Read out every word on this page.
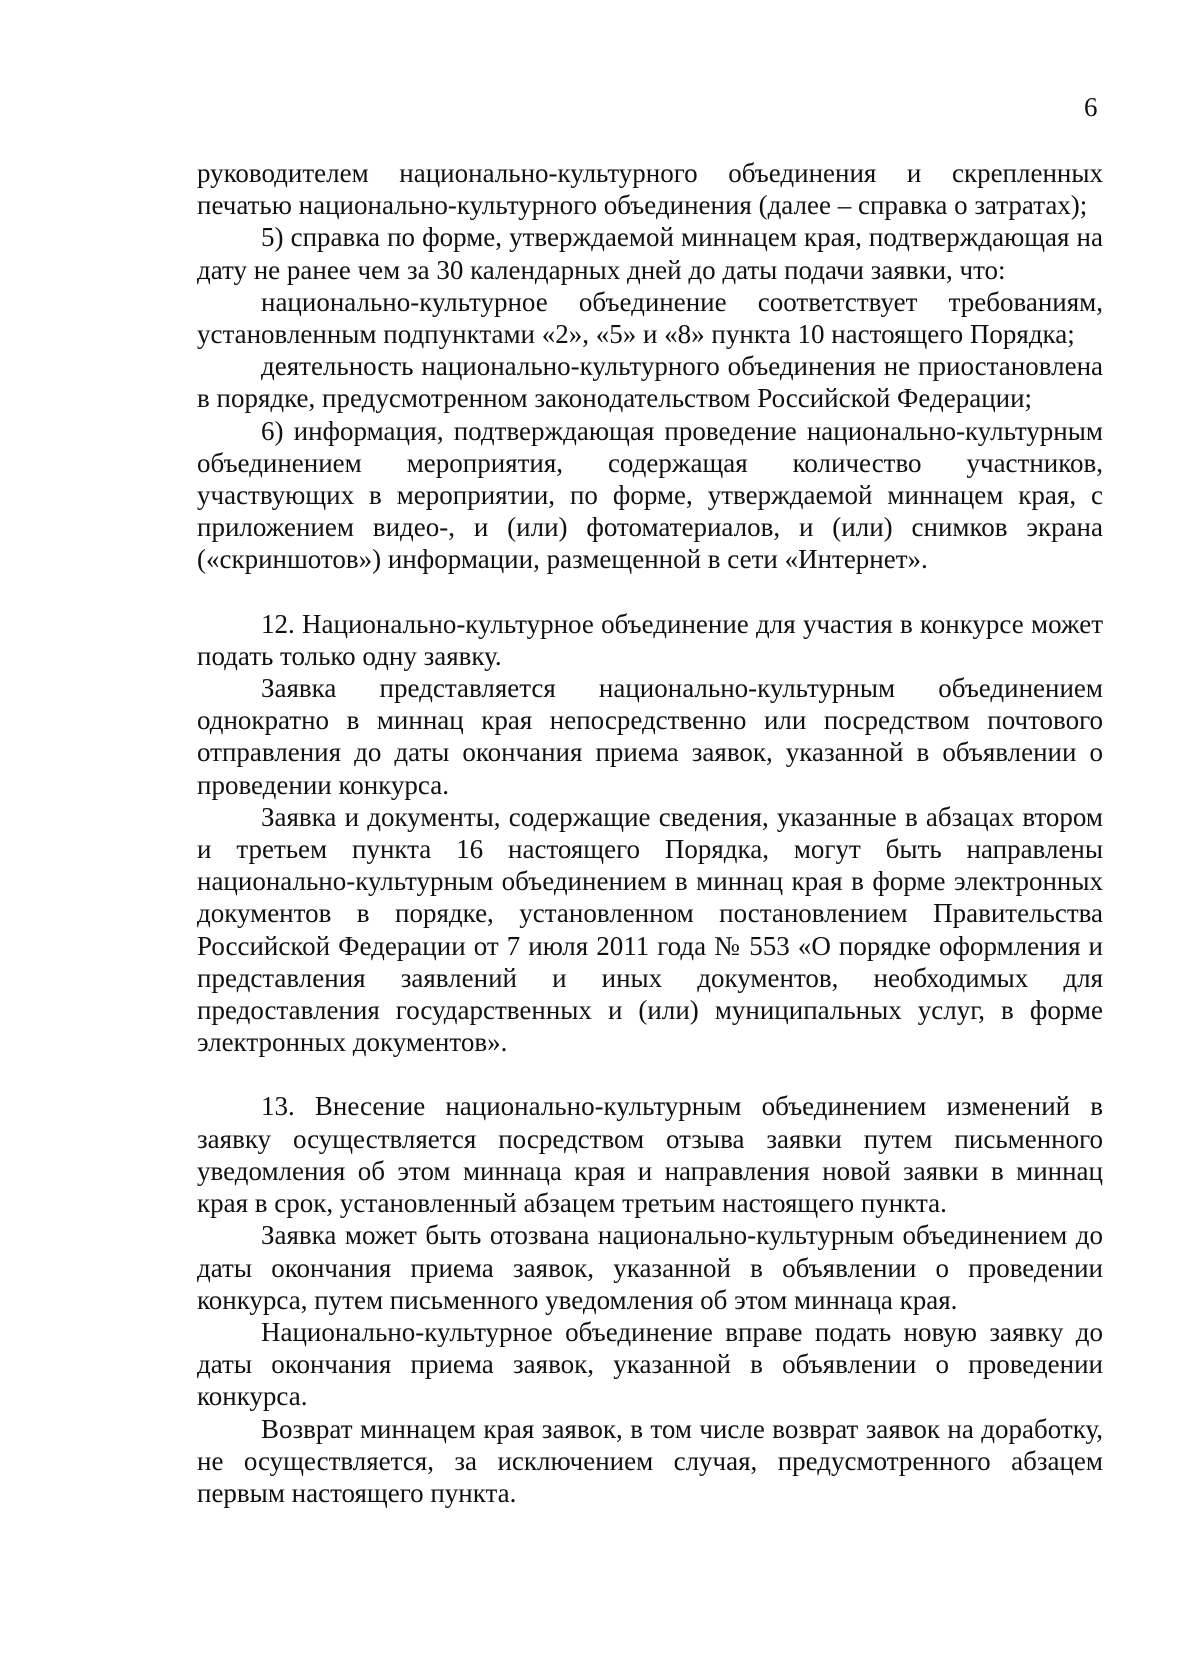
6

руководителем национально-культурного объединения и скрепленных печатью национально-культурного объединения (далее – справка о затратах);

5) справка по форме, утверждаемой миннацем края, подтверждающая на дату не ранее чем за 30 календарных дней до даты подачи заявки, что:

национально-культурное объединение соответствует требованиям, установленным подпунктами «2», «5» и «8» пункта 10 настоящего Порядка;

деятельность национально-культурного объединения не приостановлена в порядке, предусмотренном законодательством Российской Федерации;

6) информация, подтверждающая проведение национально-культурным объединением мероприятия, содержащая количество участников, участвующих в мероприятии, по форме, утверждаемой миннацем края, с приложением видео-, и (или) фотоматериалов, и (или) снимков экрана («скриншотов») информации, размещенной в сети «Интернет».

12. Национально-культурное объединение для участия в конкурсе может подать только одну заявку.

Заявка представляется национально-культурным объединением однократно в миннац края непосредственно или посредством почтового отправления до даты окончания приема заявок, указанной в объявлении о проведении конкурса.

Заявка и документы, содержащие сведения, указанные в абзацах втором и третьем пункта 16 настоящего Порядка, могут быть направлены национально-культурным объединением в миннац края в форме электронных документов в порядке, установленном постановлением Правительства Российской Федерации от 7 июля 2011 года № 553 «О порядке оформления и представления заявлений и иных документов, необходимых для предоставления государственных и (или) муниципальных услуг, в форме электронных документов».

13. Внесение национально-культурным объединением изменений в заявку осуществляется посредством отзыва заявки путем письменного уведомления об этом миннаца края и направления новой заявки в миннац края в срок, установленный абзацем третьим настоящего пункта.

Заявка может быть отозвана национально-культурным объединением до даты окончания приема заявок, указанной в объявлении о проведении конкурса, путем письменного уведомления об этом миннаца края.

Национально-культурное объединение вправе подать новую заявку до даты окончания приема заявок, указанной в объявлении о проведении конкурса.

Возврат миннацем края заявок, в том числе возврат заявок на доработку, не осуществляется, за исключением случая, предусмотренного абзацем первым настоящего пункта.
